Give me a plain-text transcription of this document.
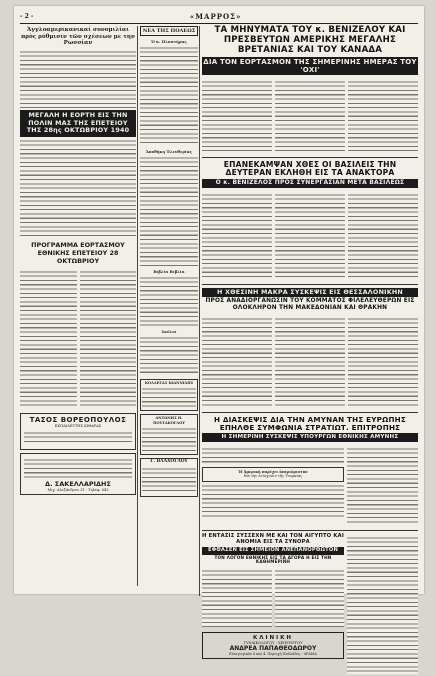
- 2 -	«ΜΑΡΡΟΣ»
Ἀγγλοαμερικανικαί συνομιλίαι πρὸς ρύθμισιν τῶν σχέσεων με την Ρωσσίαν
ΜΕΓΑΛΗ Η ΕΟΡΤΗ ΕΙΣ ΤΗΝ ΠΟΛΙΝ ΜΑΣ ΤΗΣ ΕΠΕΤΕΙΟΥ ΤΗΣ 28ης ΟΚΤΩΒΡΙΟΥ 1940
ΠΡΟΓΡΑΜΜΑ ΕΟΡΤΑΣΜΟΥ ΕΘΝΙΚΗΣ ΕΠΕΤΕΙΟΥ 28 ΟΚΤΩΒΡΙΟΥ
ΤΑΣΟΣ ΒΟΡΕΟΠΟΥΛΟΣ
ΕΚΠΑΙΔΕΥΤΗΣ ΚΙΘΑΡΑΣ
Δ. ΣΑΚΕΛΛΑΡΙΔΗΣ
Μιχ. Αλεξάνδρου 31 - Τηλέφ. 643
ΝΕΑ ΤΗΣ ΠΟΛΕΩΣ
Ὁ κ. Πλαστήρας
Ἀποθήκη Ἐλευθερίας
Βιβλία Βιβλία
Σκύλοι
ΚΟΛΛΕΓΑΣ ΙΩΑΝΝΙΔΗΣ
ΑΝΤΩΝΗΣ Η. ΠΟΥΤΑΚΟΓΛΟΥ
Γ. ΒΛΑΧΟΓΛΟΥ
ΤΑ ΜΗΝΥΜΑΤΑ ΤΟΥ κ. ΒΕΝΙΖΕΛΟΥ ΚΑΙ ΠΡΕΣΒΕΥΤΩΝ ΑΜΕΡΙΚΗΣ ΜΕΓΑΛΗΣ ΒΡΕΤΑΝΙΑΣ ΚΑΙ ΤΟΥ ΚΑΝΑΔΑ
ΔΙΑ ΤΟΝ ΕΟΡΤΑΣΜΟΝ ΤΗΣ ΣΗΜΕΡΙΝΗΣ ΗΜΕΡΑΣ ΤΟΥ 'ΟΧΙ'
ΕΠΑΝΕΚΑΜΨΑΝ ΧΘΕΣ ΟΙ ΒΑΣΙΛΕΙΣ ΤΗΝ ΔΕΥΤΕΡΑΝ ΕΚΛΗΘΗ ΕΙΣ ΤΑ ΑΝΑΚΤΟΡΑ
Ο κ. ΒΕΝΙΖΕΛΟΣ ΠΡΟΣ ΣΥΝΕΡΓΑΣΙΑΝ ΜΕΤΑ ΒΑΣΙΛΕΩΣ
Η ΧΘΕΣΙΝΗ ΜΑΚΡΑ ΣΥΣΚΕΨΙΣ ΕΙΣ ΘΕΣΣΑΛΟΝΙΚΗΝ
ΠΡΟΣ ΑΝΑΔΙΟΡΓΑΝΩΣΙΝ ΤΟΥ ΚΟΜΜΑΤΟΣ ΦΙΛΕΛΕΥΘΕΡΩΝ ΕΙΣ ΟΛΟΚΛΗΡΟΝ ΤΗΝ ΜΑΚΕΔΟΝΙΑΝ ΚΑΙ ΘΡΑΚΗΝ
Η ΔΙΑΣΚΕΨΙΣ ΔΙΑ ΤΗΝ ΑΜΥΝΑΝ ΤΗΣ ΕΥΡΩΠΗΣ ΕΠΗΛΘΕ ΣΥΜΦΩΝΙΑ ΣΤΡΑΤΙΩΤ. ΕΠΙΤΡΟΠΗΣ
Η ΣΗΜΕΡΙΝΗ ΣΥΣΚΕΨΙΣ ΥΠΟΥΡΓΩΝ ΕΘΝΙΚΗΣ ΑΜΥΝΗΣ
Ἡ Ἀμερικὴ παρέχει ἀπεριόριστον
διὰ τὴν ἐνίσχυσιν τῆς Τουρκίας
Η ΕΝΤΑΣΙΣ ΣΥΣΣΕΧΝ ΜΕ ΚΑΙ ΤΟΝ ΑΙΓΥΠΤΟ ΚΑΙ ΑΝΟΜΙΑ ΕΙΣ ΤΑ ΣΥΝΟΡΑ
ΕΦΘΑΣΕΝ ΕΙΣ ΣΗΜΕΙΟΝ ΑΝΕΠΑΝΟΡΘΩΤΟΝ
ΤΟΝ ΛΟΓΟΝ ΕΘΝΙΚΗΣ ΕΙΣ ΤΑ ΑΓΟΡΑ Η ΕΙΣ ΤΗΝ ΚΑΘΗΜΕΡΙΝΗ
ΚΛΙΝΙΚΗ
ΓΥΝΑΙΚΟΛΟΓΟΥ - ΧΕΙΡΟΥΡΓΟΥ
ΑΝΔΡΕΑ ΠΑΠΑΘΕΟΔΩΡΟΥ
Εἰσαγωγικὸν 6 καὶ 4. Περιοχὴ Παλλάδος - ΔΡΑΜΑ
